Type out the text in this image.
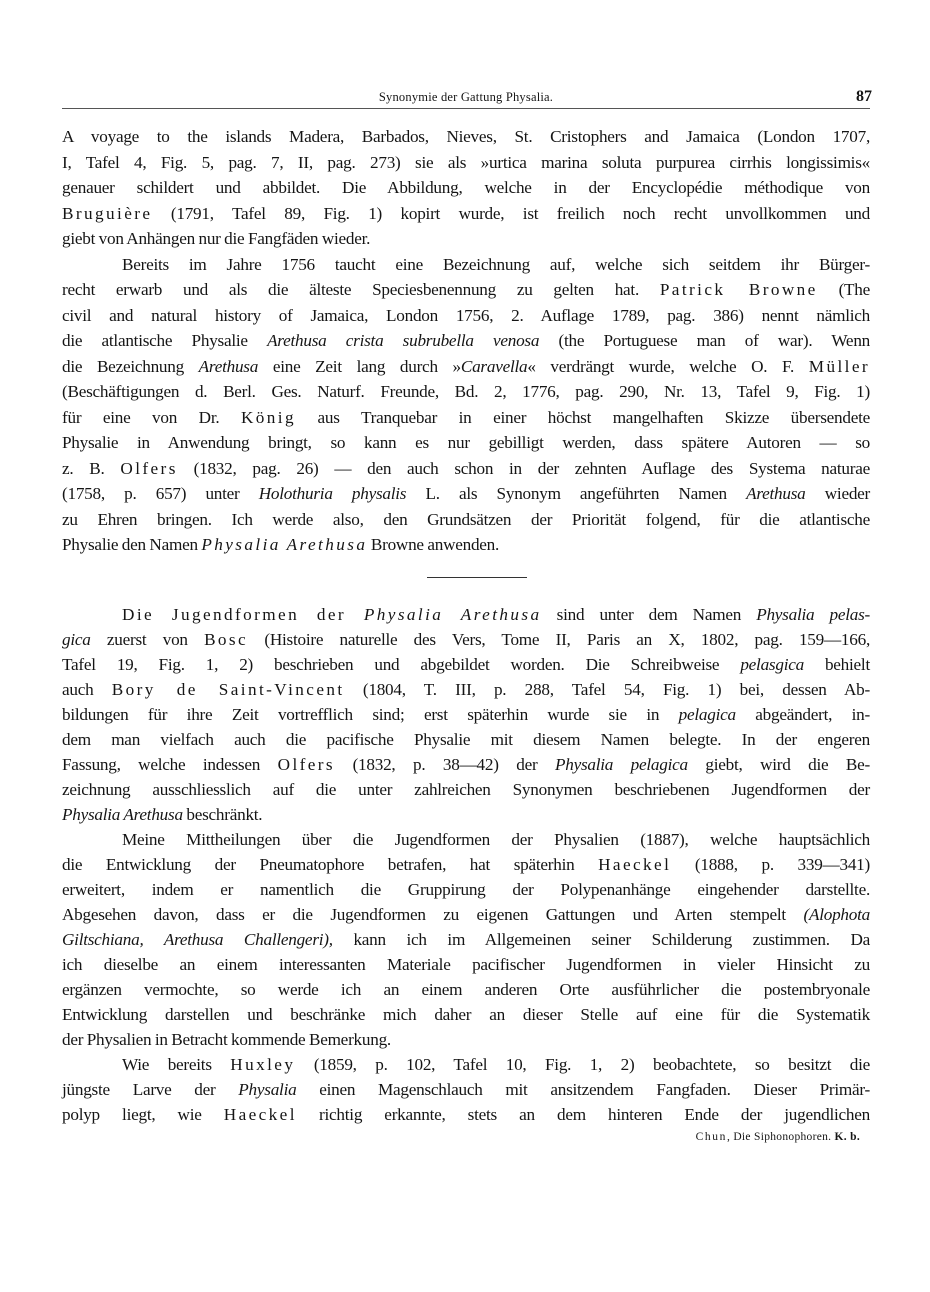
Synonymie der Gattung Physalia.	87
A voyage to the islands Madera, Barbados, Nieves, St. Cristophers and Jamaica (London 1707,
I, Tafel 4, Fig. 5, pag. 7, II, pag. 273) sie als »urtica marina soluta purpurea cirrhis longissimis«
genauer schildert und abbildet. Die Abbildung, welche in der Encyclopédie méthodique von
Bruguière (1791, Tafel 89, Fig. 1) kopirt wurde, ist freilich noch recht unvollkommen und
giebt von Anhängen nur die Fangfäden wieder.
Bereits im Jahre 1756 taucht eine Bezeichnung auf, welche sich seitdem ihr Bürger-
recht erwarb und als die älteste Speciesbenennung zu gelten hat. Patrick Browne (The
civil and natural history of Jamaica, London 1756, 2. Auflage 1789, pag. 386) nennt nämlich
die atlantische Physalie Arethusa crista subrubella venosa (the Portuguese man of war). Wenn
die Bezeichnung Arethusa eine Zeit lang durch »Caravella« verdrängt wurde, welche O. F. Müller
(Beschäftigungen d. Berl. Ges. Naturf. Freunde, Bd. 2, 1776, pag. 290, Nr. 13, Tafel 9, Fig. 1)
für eine von Dr. König aus Tranquebar in einer höchst mangelhaften Skizze übersendete
Physalie in Anwendung bringt, so kann es nur gebilligt werden, dass spätere Autoren — so
z. B. Olfers (1832, pag. 26) — den auch schon in der zehnten Auflage des Systema naturae
(1758, p. 657) unter Holothuria physalis L. als Synonym angeführten Namen Arethusa wieder
zu Ehren bringen. Ich werde also, den Grundsätzen der Priorität folgend, für die atlantische
Physalie den Namen Physalia Arethusa Browne anwenden.
Die Jugendformen der Physalia Arethusa sind unter dem Namen Physalia pelas-
gica zuerst von Bosc (Histoire naturelle des Vers, Tome II, Paris an X, 1802, pag. 159—166,
Tafel 19, Fig. 1, 2) beschrieben und abgebildet worden. Die Schreibweise pelasgica behielt
auch Bory de Saint-Vincent (1804, T. III, p. 288, Tafel 54, Fig. 1) bei, dessen Ab-
bildungen für ihre Zeit vortrefflich sind; erst späterhin wurde sie in pelagica abgeändert, in-
dem man vielfach auch die pacifische Physalie mit diesem Namen belegte. In der engeren
Fassung, welche indessen Olfers (1832, p. 38—42) der Physalia pelagica giebt, wird die Be-
zeichnung ausschliesslich auf die unter zahlreichen Synonymen beschriebenen Jugendformen der
Physalia Arethusa beschränkt.
Meine Mittheilungen über die Jugendformen der Physalien (1887), welche hauptsächlich
die Entwicklung der Pneumatophore betrafen, hat späterhin Haeckel (1888, p. 339—341)
erweitert, indem er namentlich die Gruppirung der Polypenanhänge eingehender darstellte.
Abgesehen davon, dass er die Jugendformen zu eigenen Gattungen und Arten stempelt (Alophota
Giltschiana, Arethusa Challengeri), kann ich im Allgemeinen seiner Schilderung zustimmen. Da
ich dieselbe an einem interessanten Materiale pacifischer Jugendformen in vieler Hinsicht zu
ergänzen vermochte, so werde ich an einem anderen Orte ausführlicher die postembryonale
Entwicklung darstellen und beschränke mich daher an dieser Stelle auf eine für die Systematik
der Physalien in Betracht kommende Bemerkung.
Wie bereits Huxley (1859, p. 102, Tafel 10, Fig. 1, 2) beobachtete, so besitzt die
jüngste Larve der Physalia einen Magenschlauch mit ansitzendem Fangfaden. Dieser Primär-
polyp liegt, wie Haeckel richtig erkannte, stets an dem hinteren Ende der jugendlichen
Chun, Die Siphonophoren. K. b.
